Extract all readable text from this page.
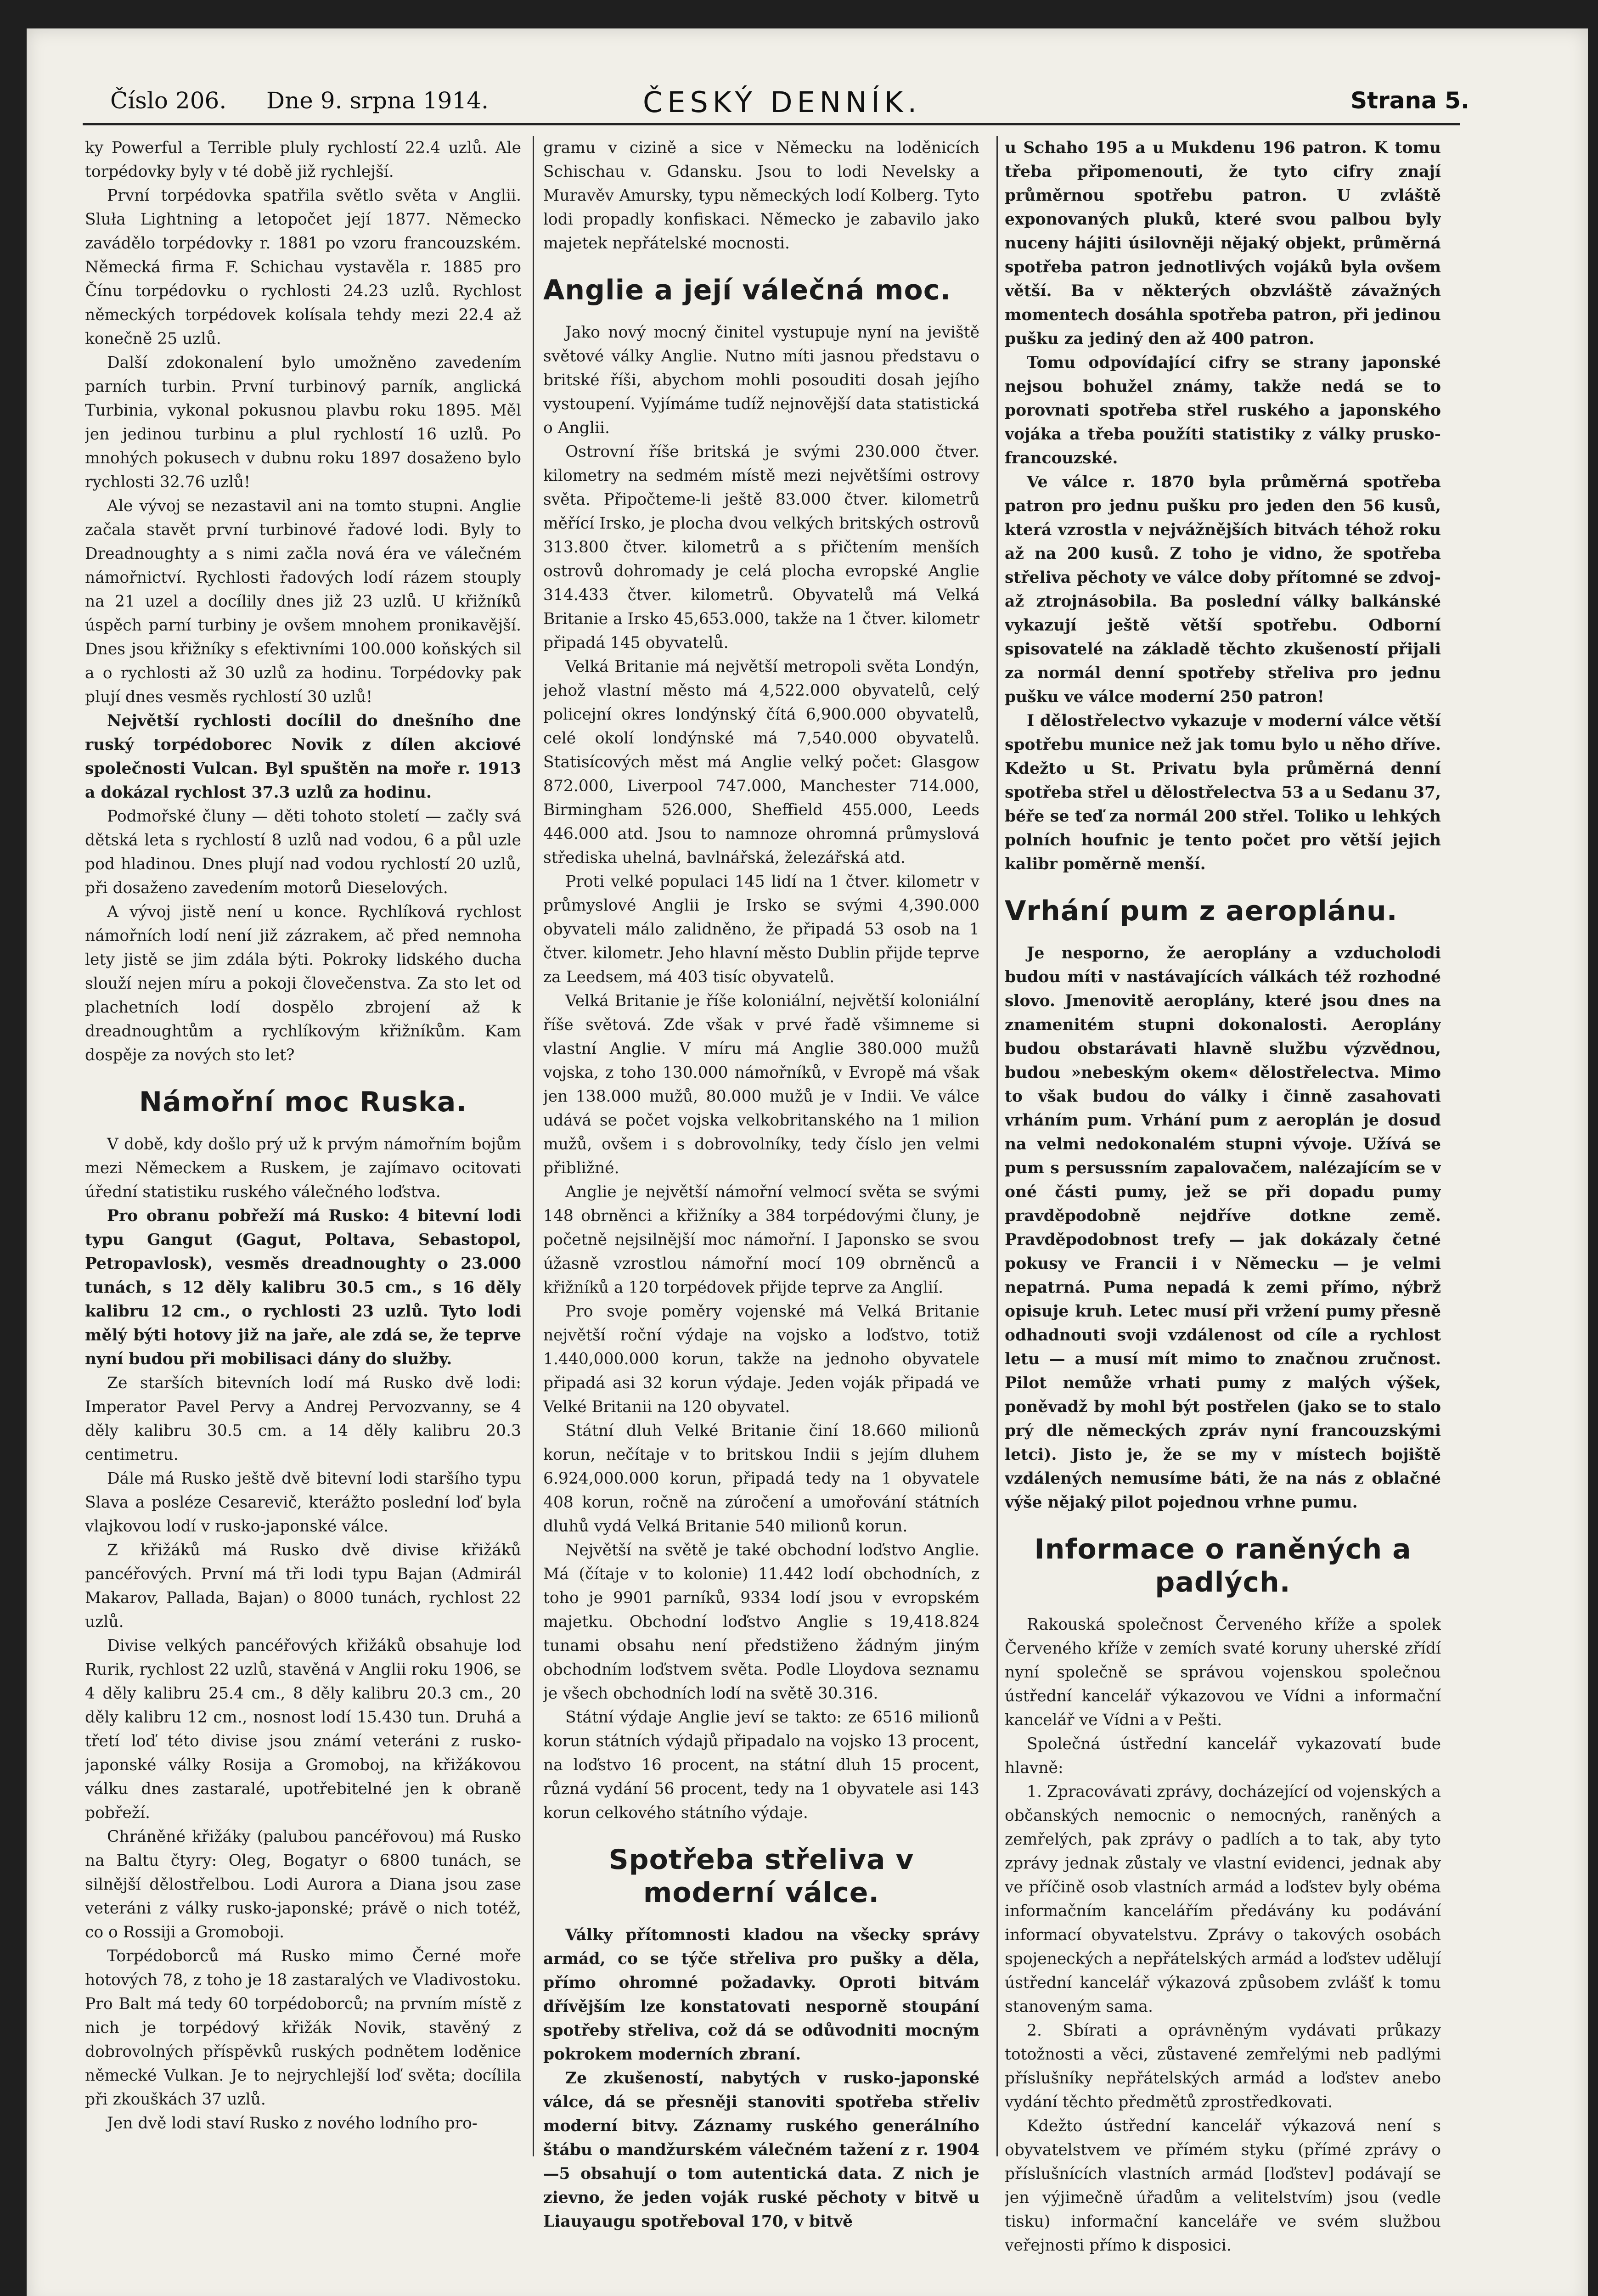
Číslo 206. Dne 9. srpna 1914.	ČESKÝ DENNÍK.	Strana 5.

ky Powerful a Terrible pluly rychlostí 22.4 uzlů. Ale torpédovky byly v té době již rychlejší.

První torpédovka spatřila světlo světa v Anglii. Sluła Lightning a letopočet její 1877. Německo zavádělo torpédovky r. 1881 po vzoru francouzském. Německá firma F. Schichau vystavěla r. 1885 pro Čínu torpédovku o rychlosti 24.23 uzlů. Rychlost německých torpédovek kolísala tehdy mezi 22.4 až konečně 25 uzlů.

Další zdokonalení bylo umožněno zavedením parních turbin. První turbinový parník, anglická Turbinia, vykonal pokusnou plavbu roku 1895. Měl jen jedinou turbinu a plul rychlostí 16 uzlů. Po mnohých pokusech v dubnu roku 1897 dosaženo bylo rychlosti 32.76 uzlů!

Ale vývoj se nezastavil ani na tomto stupni. Anglie začala stavět první turbinové řadové lodi. Byly to Dreadnoughty a s nimi začla nová éra ve válečném námořnictví. Rychlosti řadových lodí rázem stouply na 21 uzel a docílily dnes již 23 uzlů. U křižníků úspěch parní turbiny je ovšem mnohem pronikavější. Dnes jsou křižníky s efektivními 100.000 koňských sil a o rychlosti až 30 uzlů za hodinu. Torpédovky pak plují dnes vesměs rychlostí 30 uzlů!

Největší rychlosti docílil do dnešního dne ruský torpédoborec Novik z dílen akciové společnosti Vulcan. Byl spuštěn na moře r. 1913 a dokázal rychlost 37.3 uzlů za hodinu.

Podmořské čluny — děti tohoto století — začly svá dětská leta s rychlostí 8 uzlů nad vodou, 6 a půl uzle pod hladinou. Dnes plují nad vodou rychlostí 20 uzlů, při dosaženo zavedením motorů Dieselových.

A vývoj jistě není u konce. Rychlíková rychlost námořních lodí není již zázrakem, ač před nemnoha lety jistě se jim zdála býti. Pokroky lidského ducha slouží nejen míru a pokoji človečenstva. Za sto let od plachetních lodí dospělo zbrojení až k dreadnoughtům a rychlíkovým křižníkům. Kam dospěje za nových sto let?

Námořní moc Ruska.

V době, kdy došlo prý už k prvým námořním bojům mezi Německem a Ruskem, je zajímavo ocitovati úřední statistiku ruského válečného loďstva.

Pro obranu pobřeží má Rusko: 4 bitevní lodi typu Gangut (Gagut, Poltava, Sebastopol, Petropavlosk), vesměs dreadnoughty o 23.000 tunách, s 12 děly kalibru 30.5 cm., s 16 děly kalibru 12 cm., o rychlosti 23 uzlů. Tyto lodi mělý býti hotovy již na jaře, ale zdá se, že teprve nyní budou při mobilisaci dány do služby.

Ze starších bitevních lodí má Rusko dvě lodi: Imperator Pavel Pervy a Andrej Pervozvanny, se 4 děly kalibru 30.5 cm. a 14 děly kalibru 20.3 centimetru.

Dále má Rusko ještě dvě bitevní lodi staršího typu Slava a posléze Cesarevič, kterážto poslední loď byla vlajkovou lodí v rusko-japonské válce.

Z křižáků má Rusko dvě divise křižáků pancéřových. První má tři lodi typu Bajan (Admirál Makarov, Pallada, Bajan) o 8000 tunách, rychlost 22 uzlů.

Divise velkých pancéřových křižáků obsahuje loď Rurik, rychlost 22 uzlů, stavěná v Anglii roku 1906, se 4 děly kalibru 25.4 cm., 8 děly kalibru 20.3 cm., 20 děly kalibru 12 cm., nosnost lodí 15.430 tun. Druhá a třetí loď této divise jsou známí veteráni z rusko-japonské války Rosija a Gromoboj, na křižákovou válku dnes zastaralé, upotřebitelné jen k obraně pobřeží.

Chráněné křižáky (palubou pancéřovou) má Rusko na Baltu čtyry: Oleg, Bogatyr o 6800 tunách, se silnější dělostřelbou. Lodi Aurora a Diana jsou zase veteráni z války rusko-japonské; právě o nich totéž, co o Rossiji a Gromoboji.

Torpédoborců má Rusko mimo Černé moře hotových 78, z toho je 18 zastaralých ve Vladivostoku. Pro Balt má tedy 60 torpédoborců; na prvním místě z nich je torpédový křižák Novik, stavěný z dobrovolných příspěvků ruských podnětem loděnice německé Vulkan. Je to nejrychlejší loď světa; docílila při zkouškách 37 uzlů.

Jen dvě lodi staví Rusko z nového lodního pro-

gramu v cizině a sice v Německu na loděnicích Schischau v. Gdansku. Jsou to lodi Nevelsky a Muravěv Amursky, typu německých lodí Kolberg. Tyto lodi propadly konfiskaci. Německo je zabavilo jako majetek nepřátelské mocnosti.

Anglie a její válečná moc.

Jako nový mocný činitel vystupuje nyní na jeviště světové války Anglie. Nutno míti jasnou představu o britské říši, abychom mohli posouditi dosah jejího vystoupení. Vyjímáme tudíž nejnovější data statistická o Anglii.

Ostrovní říše britská je svými 230.000 čtver. kilometry na sedmém místě mezi největšími ostrovy světa. Připočteme-li ještě 83.000 čtver. kilometrů měřící Irsko, je plocha dvou velkých britských ostrovů 313.800 čtver. kilometrů a s přičtením menších ostrovů dohromady je celá plocha evropské Anglie 314.433 čtver. kilometrů. Obyvatelů má Velká Britanie a Irsko 45,653.000, takže na 1 čtver. kilometr připadá 145 obyvatelů.

Velká Britanie má největší metropoli světa Londýn, jehož vlastní město má 4,522.000 obyvatelů, celý policejní okres londýnský čítá 6,900.000 obyvatelů, celé okolí londýnské má 7,540.000 obyvatelů. Statisícových měst má Anglie velký počet: Glasgow 872.000, Liverpool 747.000, Manchester 714.000, Birmingham 526.000, Sheffield 455.000, Leeds 446.000 atd. Jsou to namnoze ohromná průmyslová střediska uhelná, bavlnářská, železářská atd.

Proti velké populaci 145 lidí na 1 čtver. kilometr v průmyslové Anglii je Irsko se svými 4,390.000 obyvateli málo zalidněno, že připadá 53 osob na 1 čtver. kilometr. Jeho hlavní město Dublin přijde teprve za Leedsem, má 403 tisíc obyvatelů.

Velká Britanie je říše koloniální, největší koloniální říše světová. Zde však v prvé řadě všimneme si vlastní Anglie. V míru má Anglie 380.000 mužů vojska, z toho 130.000 námořníků, v Evropě má však jen 138.000 mužů, 80.000 mužů je v Indii. Ve válce udává se počet vojska velkobritanského na 1 milion mužů, ovšem i s dobrovolníky, tedy číslo jen velmi přibližné.

Anglie je největší námořní velmocí světa se svými 148 obrněnci a křižníky a 384 torpédovými čluny, je početně nejsilnější moc námořní. I Japonsko se svou úžasně vzrostlou námořní mocí 109 obrněnců a křižníků a 120 torpédovek přijde teprve za Anglií.

Pro svoje poměry vojenské má Velká Britanie největší roční výdaje na vojsko a loďstvo, totiž 1.440,000.000 korun, takže na jednoho obyvatele připadá asi 32 korun výdaje. Jeden voják připadá ve Velké Britanii na 120 obyvatel.

Státní dluh Velké Britanie činí 18.660 milionů korun, nečítaje v to britskou Indii s jejím dluhem 6.924,000.000 korun, připadá tedy na 1 obyvatele 408 korun, ročně na zúročení a umořování státních dluhů vydá Velká Britanie 540 milionů korun.

Největší na světě je také obchodní loďstvo Anglie. Má (čítaje v to kolonie) 11.442 lodí obchodních, z toho je 9901 parníků, 9334 lodí jsou v evropském majetku. Obchodní loďstvo Anglie s 19,418.824 tunami obsahu není předstiženo žádným jiným obchodním loďstvem světa. Podle Lloydova seznamu je všech obchodních lodí na světě 30.316.

Státní výdaje Anglie jeví se takto: ze 6516 milionů korun státních výdajů připadalo na vojsko 13 procent, na loďstvo 16 procent, na státní dluh 15 procent, různá vydání 56 procent, tedy na 1 obyvatele asi 143 korun celkového státního výdaje.

Spotřeba střeliva v moderní válce.

Války přítomnosti kladou na všecky správy armád, co se týče střeliva pro pušky a děla, přímo ohromné požadavky. Oproti bitvám dřívějším lze konstatovati nesporně stoupání spotřeby střeliva, což dá se odůvodniti mocným pokrokem moderních zbraní.

Ze zkušeností, nabytých v rusko-japonské válce, dá se přesněji stanoviti spotřeba střeliv moderní bitvy. Záznamy ruského generálního štábu o mandžurském válečném tažení z r. 1904—5 obsahují o tom autentická data. Z nich je zievno, že jeden voják ruské pěchoty v bitvě u Liauyaugu spotřeboval 170, v bitvě

u Schaho 195 a u Mukdenu 196 patron. K tomu třeba připomenouti, že tyto cifry znají průměrnou spotřebu patron. U zvláště exponovaných pluků, které svou palbou byly nuceny hájiti úsilovněji nějaký objekt, průměrná spotřeba patron jednotlivých vojáků byla ovšem větší. Ba v některých obzvláště závažných momentech dosáhla spotřeba patron, při jedinou pušku za jediný den až 400 patron.

Tomu odpovídající cifry se strany japonské nejsou bohužel známy, takže nedá se to porovnati spotřeba střel ruského a japonského vojáka a třeba použíti statistiky z války prusko-francouzské.

Ve válce r. 1870 byla průměrná spotřeba patron pro jednu pušku pro jeden den 56 kusů, která vzrostla v nejvážnějších bitvách téhož roku až na 200 kusů. Z toho je vidno, že spotřeba střeliva pěchoty ve válce doby přítomné se zdvoj- až ztrojnásobila. Ba poslední války balkánské vykazují ještě větší spotřebu. Odborní spisovatelé na základě těchto zkušeností přijali za normál denní spotřeby střeliva pro jednu pušku ve válce moderní 250 patron!

I dělostřelectvo vykazuje v moderní válce větší spotřebu munice než jak tomu bylo u něho dříve. Kdežto u St. Privatu byla průměrná denní spotřeba střel u dělostřelectva 53 a u Sedanu 37, béře se teď za normál 200 střel. Toliko u lehkých polních houfnic je tento počet pro větší jejich kalibr poměrně menší.

Vrhání pum z aeroplánu.

Je nesporno, že aeroplány a vzducholodi budou míti v nastávajících válkách též rozhodné slovo. Jmenovitě aeroplány, které jsou dnes na znamenitém stupni dokonalosti. Aeroplány budou obstarávati hlavně službu výzvědnou, budou »nebeským okem« dělostřelectva. Mimo to však budou do války i činně zasahovati vrháním pum. Vrhání pum z aeroplán je dosud na velmi nedokonalém stupni vývoje. Užívá se pum s persussním zapalovačem, nalézajícím se v oné části pumy, jež se při dopadu pumy pravděpodobně nejdříve dotkne země. Pravděpodobnost trefy — jak dokázaly četné pokusy ve Francii i v Německu — je velmi nepatrná. Puma nepadá k zemi přímo, nýbrž opisuje kruh. Letec musí při vržení pumy přesně odhadnouti svoji vzdálenost od cíle a rychlost letu — a musí mít mimo to značnou zručnost. Pilot nemůže vrhati pumy z malých výšek, poněvadž by mohl být postřelen (jako se to stalo prý dle německých zpráv nyní francouzskými letci). Jisto je, že se my v místech bojiště vzdálených nemusíme báti, že na nás z oblačné výše nějaký pilot pojednou vrhne pumu.

Informace o raněných a padlých.

Rakouská společnost Červeného kříže a spolek Červeného kříže v zemích svaté koruny uherské zřídí nyní společně se správou vojenskou společnou ústřední kancelář výkazovou ve Vídni a informační kancelář ve Vídni a v Pešti.

Společná ústřední kancelář vykazovatí bude hlavně:

1. Zpracovávati zprávy, docházející od vojenských a občanských nemocnic o nemocných, raněných a zemřelých, pak zprávy o padlích a to tak, aby tyto zprávy jednak zůstaly ve vlastní evidenci, jednak aby ve příčině osob vlastních armád a loďstev byly obéma informačním kancelářím předávány ku podávání informací obyvatelstvu. Zprávy o takových osobách spojeneckých a nepřátelských armád a loďstev udělují ústřední kancelář výkazová způsobem zvlášť k tomu stanoveným sama.

2. Sbírati a oprávněným vydávati průkazy totožnosti a věci, zůstavené zemřelými neb padlými příslušníky nepřátelských armád a loďstev anebo vydání těchto předmětů zprostředkovati.

Kdežto ústřední kancelář výkazová není s obyvatelstvem ve přímém styku (přímé zprávy o příslušnících vlastních armád [loďstev] podávají se jen výjimečně úřadům a velitelstvím) jsou (vedle tisku) informační kanceláře ve svém službou veřejnosti přímo k disposici.
